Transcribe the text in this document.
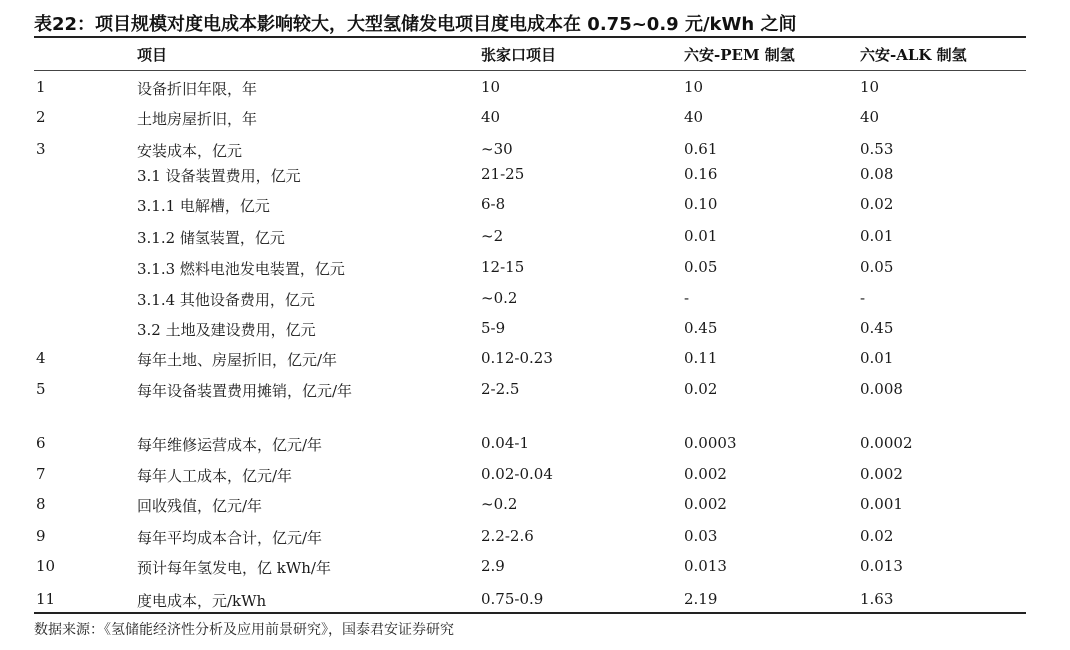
表22：项目规模对度电成本影响较大，大型氢储发电项目度电成本在 0.75~0.9 元/kWh 之间
项目	张家口项目	六安-PEM 制氢	六安-ALK 制氢
1	设备折旧年限，年	10	10	10
2	土地房屋折旧，年	40	40	40
3	安装成本，亿元	~30	0.61	0.53
3.1 设备装置费用，亿元	21-25	0.16	0.08
3.1.1 电解槽，亿元	6-8	0.10	0.02
3.1.2 储氢装置，亿元	~2	0.01	0.01
3.1.3 燃料电池发电装置，亿元	12-15	0.05	0.05
3.1.4 其他设备费用，亿元	~0.2	-	-
3.2 土地及建设费用，亿元	5-9	0.45	0.45
4	每年土地、房屋折旧，亿元/年	0.12-0.23	0.11	0.01
5	每年设备装置费用摊销，亿元/年	2-2.5	0.02	0.008
6	每年维修运营成本，亿元/年	0.04-1	0.0003	0.0002
7	每年人工成本，亿元/年	0.02-0.04	0.002	0.002
8	回收残值，亿元/年	~0.2	0.002	0.001
9	每年平均成本合计，亿元/年	2.2-2.6	0.03	0.02
10	预计每年氢发电，亿 kWh/年	2.9	0.013	0.013
11	度电成本，元/kWh	0.75-0.9	2.19	1.63
数据来源：《氢储能经济性分析及应用前景研究》，国泰君安证券研究
